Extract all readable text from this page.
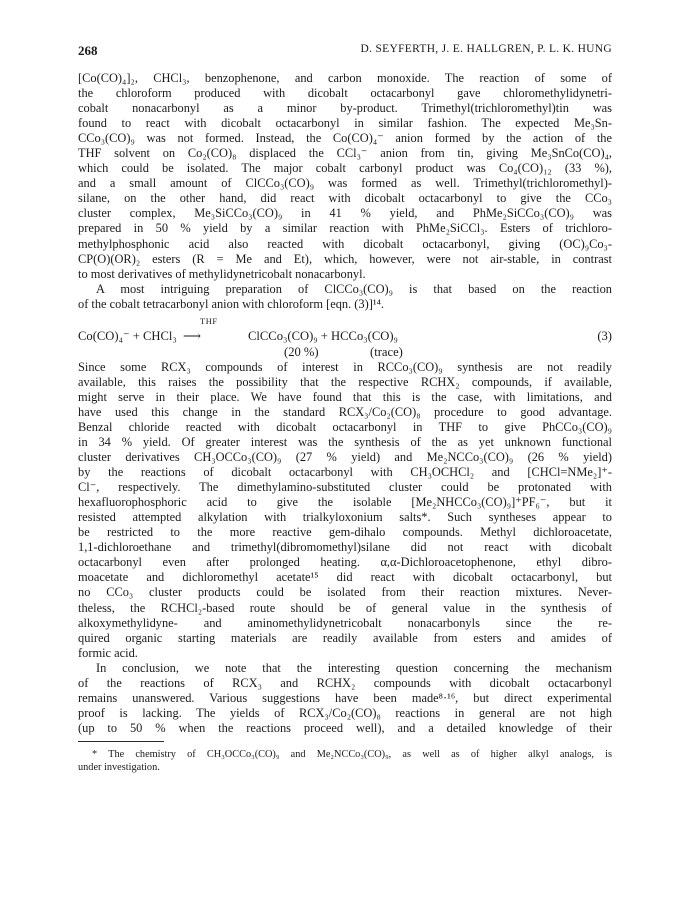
268	D. SEYFERTH, J. E. HALLGREN, P. L. K. HUNG
[Co(CO)₄]₂, CHCl₃, benzophenone, and carbon monoxide. The reaction of some of
the chloroform produced with dicobalt octacarbonyl gave chloromethylidynetri-
cobalt nonacarbonyl as a minor by-product. Trimethyl(trichloromethyl)tin was
found to react with dicobalt octacarbonyl in similar fashion. The expected Me₃Sn-
CCo₃(CO)₉ was not formed. Instead, the Co(CO)₄⁻ anion formed by the action of the
THF solvent on Co₂(CO)₈ displaced the CCl₃⁻ anion from tin, giving Me₃SnCo(CO)₄,
which could be isolated. The major cobalt carbonyl product was Co₄(CO)₁₂ (33 %),
and a small amount of ClCCo₃(CO)₉ was formed as well. Trimethyl(trichloromethyl)-
silane, on the other hand, did react with dicobalt octacarbonyl to give the CCo₃
cluster complex, Me₃SiCCo₃(CO)₉ in 41 % yield, and PhMe₂SiCCo₃(CO)₉ was
prepared in 50 % yield by a similar reaction with PhMe₂SiCCl₃. Esters of trichloro-
methylphosphonic acid also reacted with dicobalt octacarbonyl, giving (OC)₉Co₃-
CP(O)(OR)₂ esters (R = Me and Et), which, however, were not air-stable, in contrast
to most derivatives of methylidynetricobalt nonacarbonyl.
A most intriguing preparation of ClCCo₃(CO)₉ is that based on the reaction
of the cobalt tetracarbonyl anion with chloroform [eqn. (3)]¹⁴.
Co(CO)₄⁻ + CHCl₃
THF
⟶	ClCCo₃(CO)₉ + HCCo₃(CO)₉	(3)
(20 %)	(trace)
Since some RCX₃ compounds of interest in RCCo₃(CO)₉ synthesis are not readily
available, this raises the possibility that the respective RCHX₂ compounds, if available,
might serve in their place. We have found that this is the case, with limitations, and
have used this change in the standard RCX₃/Co₂(CO)₈ procedure to good advantage.
Benzal chloride reacted with dicobalt octacarbonyl in THF to give PhCCo₃(CO)₉
in 34 % yield. Of greater interest was the synthesis of the as yet unknown functional
cluster derivatives CH₃OCCo₃(CO)₉ (27 % yield) and Me₂NCCo₃(CO)₉ (26 % yield)
by the reactions of dicobalt octacarbonyl with CH₃OCHCl₂ and [CHCl=NMe₂]⁺-
Cl⁻, respectively. The dimethylamino-substituted cluster could be protonated with
hexafluorophosphoric acid to give the isolable [Me₂NHCCo₃(CO)₉]⁺PF₆⁻, but it
resisted attempted alkylation with trialkyloxonium salts*. Such syntheses appear to
be restricted to the more reactive gem-dihalo compounds. Methyl dichloroacetate,
1,1-dichloroethane and trimethyl(dibromomethyl)silane did not react with dicobalt
octacarbonyl even after prolonged heating. α,α-Dichloroacetophenone, ethyl dibro-
moacetate and dichloromethyl acetate¹⁵ did react with dicobalt octacarbonyl, but
no CCo₃ cluster products could be isolated from their reaction mixtures. Never-
theless, the RCHCl₂-based route should be of general value in the synthesis of
alkoxymethylidyne- and aminomethylidynetricobalt nonacarbonyls since the re-
quired organic starting materials are readily available from esters and amides of
formic acid.
In conclusion, we note that the interesting question concerning the mechanism
of the reactions of RCX₃ and RCHX₂ compounds with dicobalt octacarbonyl
remains unanswered. Various suggestions have been made⁸·¹⁶, but direct experimental
proof is lacking. The yields of RCX₃/Co₂(CO)₈ reactions in general are not high
(up to 50 % when the reactions proceed well), and a detailed knowledge of their
* The chemistry of CH₃OCCo₃(CO)₉ and Me₂NCCo₃(CO)₉, as well as of higher alkyl analogs, is
under investigation.
